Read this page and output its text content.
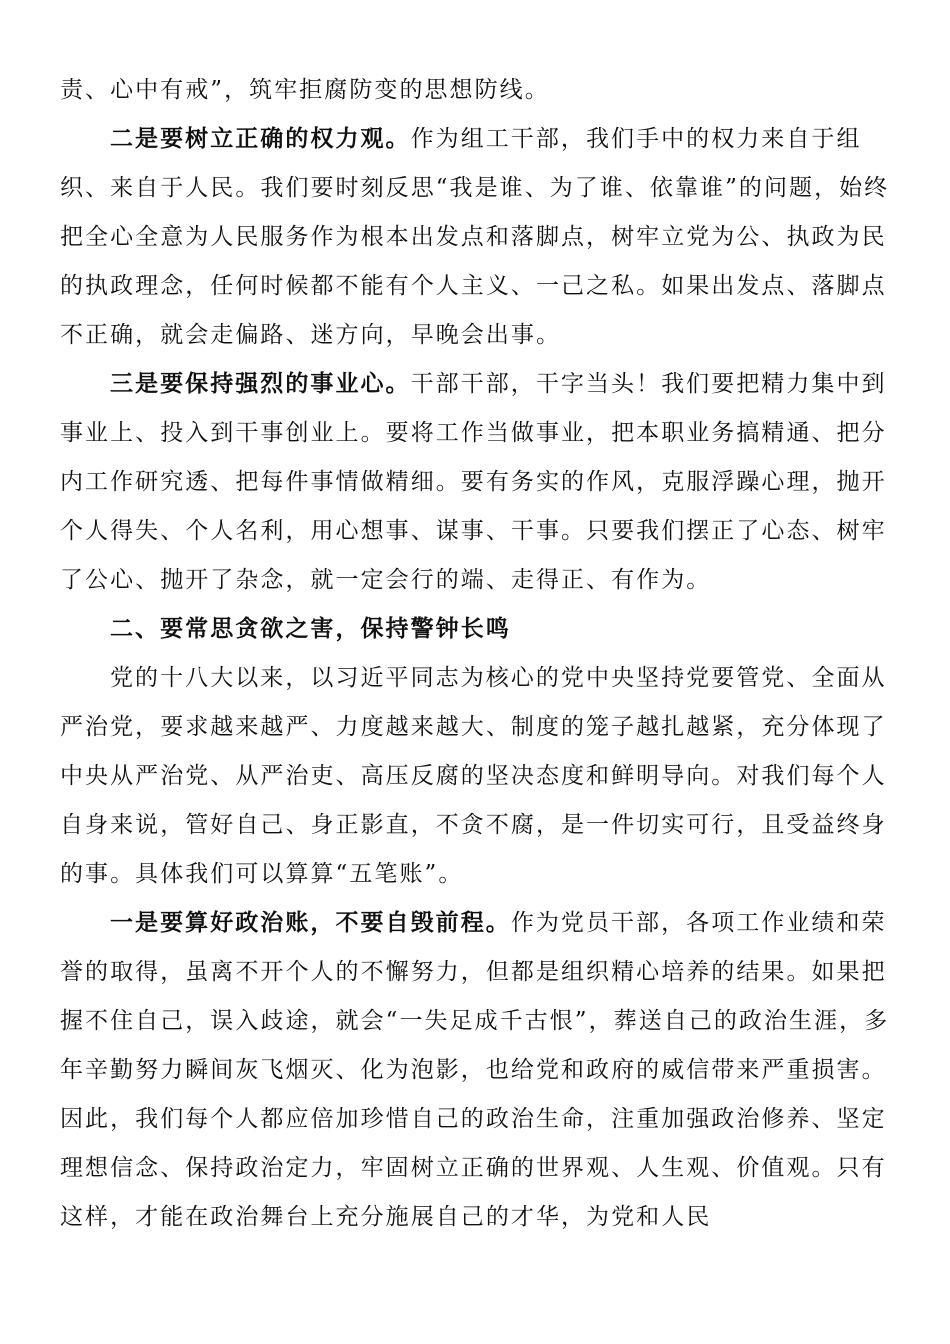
责、心中有戒”，筑牢拒腐防变的思想防线。

二是要树立正确的权力观。作为组工干部，我们手中的权力来自于组织、来自于人民。我们要时刻反思“我是谁、为了谁、依靠谁”的问题，始终把全心全意为人民服务作为根本出发点和落脚点，树牢立党为公、执政为民的执政理念，任何时候都不能有个人主义、一己之私。如果出发点、落脚点不正确，就会走偏路、迷方向，早晚会出事。

三是要保持强烈的事业心。干部干部，干字当头！我们要把精力集中到事业上、投入到干事创业上。要将工作当做事业，把本职业务搞精通、把分内工作研究透、把每件事情做精细。要有务实的作风，克服浮躁心理，抛开个人得失、个人名利，用心想事、谋事、干事。只要我们摆正了心态、树牢了公心、抛开了杂念，就一定会行的端、走得正、有作为。

二、要常思贪欲之害，保持警钟长鸣

党的十八大以来，以习近平同志为核心的党中央坚持党要管党、全面从严治党，要求越来越严、力度越来越大、制度的笼子越扎越紧，充分体现了中央从严治党、从严治吏、高压反腐的坚决态度和鲜明导向。对我们每个人自身来说，管好自己、身正影直，不贪不腐，是一件切实可行，且受益终身的事。具体我们可以算算“五笔账”。

一是要算好政治账，不要自毁前程。作为党员干部，各项工作业绩和荣誉的取得，虽离不开个人的不懈努力，但都是组织精心培养的结果。如果把握不住自己，误入歧途，就会“一失足成千古恨”，葬送自己的政治生涯，多年辛勤努力瞬间灰飞烟灭、化为泡影，也给党和政府的威信带来严重损害。因此，我们每个人都应倍加珍惜自己的政治生命，注重加强政治修养、坚定理想信念、保持政治定力，牢固树立正确的世界观、人生观、价值观。只有这样，才能在政治舞台上充分施展自己的才华，为党和人民
